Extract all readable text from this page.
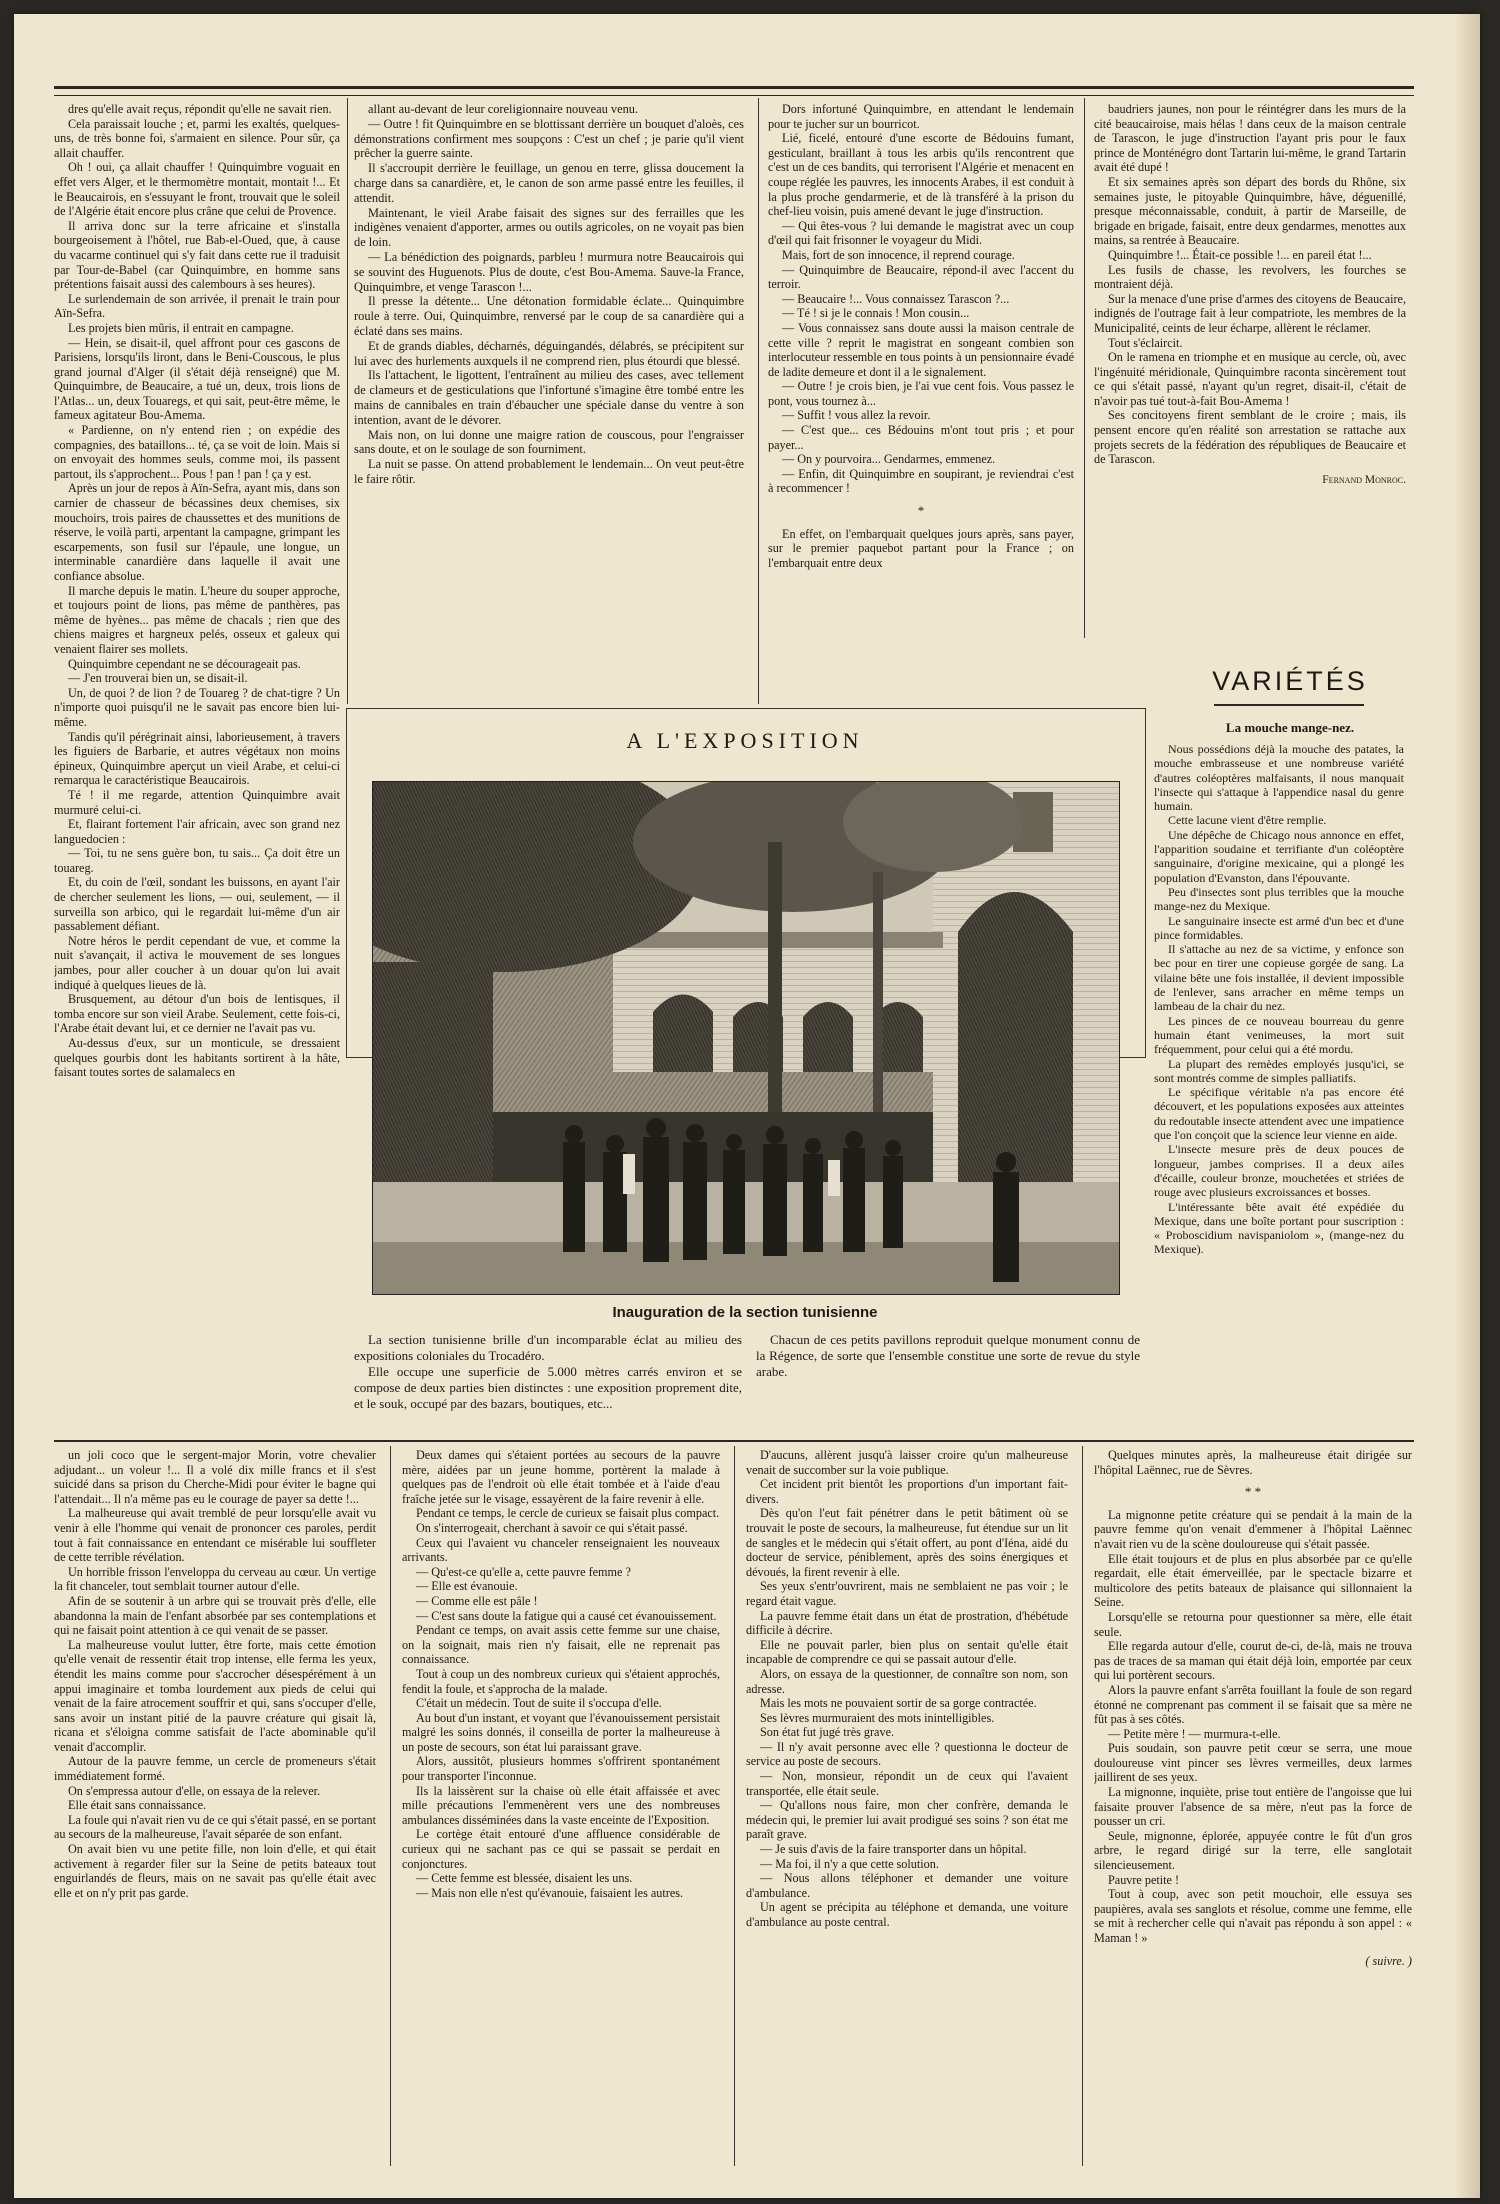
dres qu'elle avait reçus, répondit qu'elle ne savait rien.

Cela paraissait louche ; et, parmi les exaltés, quelques-uns, de très bonne foi, s'armaient en silence. Pour sûr, ça allait chauffer.

Oh ! oui, ça allait chauffer ! Quinquimbre voguait en effet vers Alger, et le thermomètre montait, montait !... Et le Beaucairois, en s'essuyant le front, trouvait que le soleil de l'Algérie était encore plus crâne que celui de Provence.

Il arriva donc sur la terre africaine et s'installa bourgeoisement à l'hôtel, rue Bab-el-Oued, que, à cause du vacarme continuel qui s'y fait dans cette rue il traduisit par Tour-de-Babel (car Quinquimbre, en homme sans prétentions faisait aussi des calembours à ses heures).

Le surlendemain de son arrivée, il prenait le train pour Aïn-Sefra.

Les projets bien mûris, il entrait en campagne.

— Hein, se disait-il, quel affront pour ces gascons de Parisiens, lorsqu'ils liront, dans le Beni-Couscous, le plus grand journal d'Alger (il s'était déjà renseigné) que M. Quinquimbre, de Beaucaire, a tué un, deux, trois lions de l'Atlas... un, deux Touaregs, et qui sait, peut-être même, le fameux agitateur Bou-Amema.

« Pardienne, on n'y entend rien ; on expédie des compagnies, des bataillons... té, ça se voit de loin. Mais si on envoyait des hommes seuls, comme moi, ils passent partout, ils s'approchent... Pous ! pan ! pan ! ça y est.

Après un jour de repos à Aïn-Sefra, ayant mis, dans son carnier de chasseur de bécassines deux chemises, six mouchoirs, trois paires de chaussettes et des munitions de réserve, le voilà parti, arpentant la campagne, grimpant les escarpements, son fusil sur l'épaule, une longue, un interminable canardière dans laquelle il avait une confiance absolue.

Il marche depuis le matin. L'heure du souper approche, et toujours point de lions, pas même de panthères, pas même de hyènes... pas même de chacals ; rien que des chiens maigres et hargneux pelés, osseux et galeux qui venaient flairer ses mollets.

Quinquimbre cependant ne se décourageait pas.

— J'en trouverai bien un, se disait-il.

Un, de quoi ? de lion ? de Touareg ? de chat-tigre ? Un n'importe quoi puisqu'il ne le savait pas encore bien lui-même.

Tandis qu'il pérégrinait ainsi, laborieusement, à travers les figuiers de Barbarie, et autres végétaux non moins épineux, Quinquimbre aperçut un vieil Arabe, et celui-ci remarqua le caractéristique Beaucairois.

Té ! il me regarde, attention Quinquimbre avait murmuré celui-ci.

Et, flairant fortement l'air africain, avec son grand nez languedocien :

— Toi, tu ne sens guère bon, tu sais... Ça doit être un touareg.

Et, du coin de l'œil, sondant les buissons, en ayant l'air de chercher seulement les lions, — oui, seulement, — il surveilla son arbico, qui le regardait lui-même d'un air passablement défiant.

Notre héros le perdit cependant de vue, et comme la nuit s'avançait, il activa le mouvement de ses longues jambes, pour aller coucher à un douar qu'on lui avait indiqué à quelques lieues de là.

Brusquement, au détour d'un bois de lentisques, il tomba encore sur son vieil Arabe. Seulement, cette fois-ci, l'Arabe était devant lui, et ce dernier ne l'avait pas vu.

Au-dessus d'eux, sur un monticule, se dressaient quelques gourbis dont les habitants sortirent à la hâte, faisant toutes sortes de salamalecs en

allant au-devant de leur coreligionnaire nouveau venu.

— Outre ! fit Quinquimbre en se blottissant derrière un bouquet d'aloès, ces démonstrations confirment mes soupçons : C'est un chef ; je parie qu'il vient prêcher la guerre sainte.

Il s'accroupit derrière le feuillage, un genou en terre, glissa doucement la charge dans sa canardière, et, le canon de son arme passé entre les feuilles, il attendit.

Maintenant, le vieil Arabe faisait des signes sur des ferrailles que les indigènes venaient d'apporter, armes ou outils agricoles, on ne voyait pas bien de loin.

— La bénédiction des poignards, parbleu ! murmura notre Beaucairois qui se souvint des Huguenots. Plus de doute, c'est Bou-Amema. Sauve-la France, Quinquimbre, et venge Tarascon !...

Il presse la détente... Une détonation formidable éclate... Quinquimbre roule à terre. Oui, Quinquimbre, renversé par le coup de sa canardière qui a éclaté dans ses mains.

Et de grands diables, décharnés, déguingandés, délabrés, se précipitent sur lui avec des hurlements auxquels il ne comprend rien, plus étourdi que blessé.

Ils l'attachent, le ligottent, l'entraînent au milieu des cases, avec tellement de clameurs et de gesticulations que l'infortuné s'imagine être tombé entre les mains de cannibales en train d'ébaucher une spéciale danse du ventre à son intention, avant de le dévorer.

Mais non, on lui donne une maigre ration de couscous, pour l'engraisser sans doute, et on le soulage de son fourniment.

La nuit se passe. On attend probablement le lendemain... On veut peut-être le faire rôtir.

Dors infortuné Quinquimbre, en attendant le lendemain pour te jucher sur un bourricot.

Lié, ficelé, entouré d'une escorte de Bédouins fumant, gesticulant, braillant à tous les arbis qu'ils rencontrent que c'est un de ces bandits, qui terrorisent l'Algérie et menacent en coupe réglée les pauvres, les innocents Arabes, il est conduit à la plus proche gendarmerie, et de là transféré à la prison du chef-lieu voisin, puis amené devant le juge d'instruction.

— Qui êtes-vous ? lui demande le magistrat avec un coup d'œil qui fait frisonner le voyageur du Midi.

Mais, fort de son innocence, il reprend courage.

— Quinquimbre de Beaucaire, répond-il avec l'accent du terroir.

— Beaucaire !... Vous connaissez Tarascon ?...

— Té ! si je le connais ! Mon cousin...

— Vous connaissez sans doute aussi la maison centrale de cette ville ? reprit le magistrat en songeant combien son interlocuteur ressemble en tous points à un pensionnaire évadé de ladite demeure et dont il a le signalement.

— Outre ! je crois bien, je l'ai vue cent fois. Vous passez le pont, vous tournez à...

— Suffit ! vous allez la revoir.

— C'est que... ces Bédouins m'ont tout pris ; et pour payer...

— On y pourvoira... Gendarmes, emmenez.

— Enfin, dit Quinquimbre en soupirant, je reviendrai c'est à recommencer !

*

En effet, on l'embarquait quelques jours après, sans payer, sur le premier paquebot partant pour la France ; on l'embarquait entre deux

baudriers jaunes, non pour le réintégrer dans les murs de la cité beaucairoise, mais hélas ! dans ceux de la maison centrale de Tarascon, le juge d'instruction l'ayant pris pour le faux prince de Monténégro dont Tartarin lui-même, le grand Tartarin avait été dupé !

Et six semaines après son départ des bords du Rhône, six semaines juste, le pitoyable Quinquimbre, hâve, déguenillé, presque méconnaissable, conduit, à partir de Marseille, de brigade en brigade, faisait, entre deux gendarmes, menottes aux mains, sa rentrée à Beaucaire.

Quinquimbre !... Était-ce possible !... en pareil état !...

Les fusils de chasse, les revolvers, les fourches se montraient déjà.

Sur la menace d'une prise d'armes des citoyens de Beaucaire, indignés de l'outrage fait à leur compatriote, les membres de la Municipalité, ceints de leur écharpe, allèrent le réclamer.

Tout s'éclaircit.

On le ramena en triomphe et en musique au cercle, où, avec l'ingénuité méridionale, Quinquimbre raconta sincèrement tout ce qui s'était passé, n'ayant qu'un regret, disait-il, c'était de n'avoir pas tué tout-à-fait Bou-Amema !

Ses concitoyens firent semblant de le croire ; mais, ils pensent encore qu'en réalité son arrestation se rattache aux projets secrets de la fédération des républiques de Beaucaire et de Tarascon.

Fernand Monroc.

VARIÉTÉS
La mouche mange-nez.

Nous possédions déjà la mouche des patates, la mouche embrasseuse et une nombreuse variété d'autres coléoptères malfaisants, il nous manquait l'insecte qui s'attaque à l'appendice nasal du genre humain.

Cette lacune vient d'être remplie.

Une dépêche de Chicago nous annonce en effet, l'apparition soudaine et terrifiante d'un coléoptère sanguinaire, d'origine mexicaine, qui a plongé les population d'Evanston, dans l'épouvante.

Peu d'insectes sont plus terribles que la mouche mange-nez du Mexique.

Le sanguinaire insecte est armé d'un bec et d'une pince formidables.

Il s'attache au nez de sa victime, y enfonce son bec pour en tirer une copieuse gorgée de sang. La vilaine bête une fois installée, il devient impossible de l'enlever, sans arracher en même temps un lambeau de la chair du nez.

Les pinces de ce nouveau bourreau du genre humain étant venimeuses, la mort suit fréquemment, pour celui qui a été mordu.

La plupart des remèdes employés jusqu'ici, se sont montrés comme de simples palliatifs.

Le spécifique véritable n'a pas encore été découvert, et les populations exposées aux atteintes du redoutable insecte attendent avec une impatience que l'on conçoit que la science leur vienne en aide.

L'insecte mesure près de deux pouces de longueur, jambes comprises. Il a deux ailes d'écaille, couleur bronze, mouchetées et striées de rouge avec plusieurs excroissances et bosses.

L'intéressante bête avait été expédiée du Mexique, dans une boîte portant pour suscription : « Proboscidium navispaniolom », (mange-nez du Mexique).

A L'EXPOSITION
Inauguration de la section tunisienne

La section tunisienne brille d'un incomparable éclat au milieu des expositions coloniales du Trocadéro.

Elle occupe une superficie de 5.000 mètres carrés environ et se compose de deux parties bien distinctes : une exposition proprement dite, et le souk, occupé par des bazars, boutiques, etc...

Chacun de ces petits pavillons reproduit quelque monument connu de la Régence, de sorte que l'ensemble constitue une sorte de revue du style arabe.

un joli coco que le sergent-major Morin, votre chevalier adjudant... un voleur !... Il a volé dix mille francs et il s'est suicidé dans sa prison du Cherche-Midi pour éviter le bagne qui l'attendait... Il n'a même pas eu le courage de payer sa dette !...

La malheureuse qui avait tremblé de peur lorsqu'elle avait vu venir à elle l'homme qui venait de prononcer ces paroles, perdit tout à fait connaissance en entendant ce misérable lui souffleter de cette terrible révélation.

Un horrible frisson l'enveloppa du cerveau au cœur. Un vertige la fit chanceler, tout semblait tourner autour d'elle.

Afin de se soutenir à un arbre qui se trouvait près d'elle, elle abandonna la main de l'enfant absorbée par ses contemplations et qui ne faisait point attention à ce qui venait de se passer.

La malheureuse voulut lutter, être forte, mais cette émotion qu'elle venait de ressentir était trop intense, elle ferma les yeux, étendit les mains comme pour s'accrocher désespérément à un appui imaginaire et tomba lourdement aux pieds de celui qui venait de la faire atrocement souffrir et qui, sans s'occuper d'elle, sans avoir un instant pitié de la pauvre créature qui gisait là, ricana et s'éloigna comme satisfait de l'acte abominable qu'il venait d'accomplir.

Autour de la pauvre femme, un cercle de promeneurs s'était immédiatement formé.

On s'empressa autour d'elle, on essaya de la relever.

Elle était sans connaissance.

La foule qui n'avait rien vu de ce qui s'était passé, en se portant au secours de la malheureuse, l'avait séparée de son enfant.

On avait bien vu une petite fille, non loin d'elle, et qui était activement à regarder filer sur la Seine de petits bateaux tout enguirlandés de fleurs, mais on ne savait pas qu'elle était avec elle et on n'y prit pas garde.

Deux dames qui s'étaient portées au secours de la pauvre mère, aidées par un jeune homme, portèrent la malade à quelques pas de l'endroit où elle était tombée et à l'aide d'eau fraîche jetée sur le visage, essayèrent de la faire revenir à elle.

Pendant ce temps, le cercle de curieux se faisait plus compact.

On s'interrogeait, cherchant à savoir ce qui s'était passé.

Ceux qui l'avaient vu chanceler renseignaient les nouveaux arrivants.

— Qu'est-ce qu'elle a, cette pauvre femme ?

— Elle est évanouie.

— Comme elle est pâle !

— C'est sans doute la fatigue qui a causé cet évanouissement.

Pendant ce temps, on avait assis cette femme sur une chaise, on la soignait, mais rien n'y faisait, elle ne reprenait pas connaissance.

Tout à coup un des nombreux curieux qui s'étaient approchés, fendit la foule, et s'approcha de la malade.

C'était un médecin. Tout de suite il s'occupa d'elle.

Au bout d'un instant, et voyant que l'évanouissement persistait malgré les soins donnés, il conseilla de porter la malheureuse à un poste de secours, son état lui paraissant grave.

Alors, aussitôt, plusieurs hommes s'offrirent spontanément pour transporter l'inconnue.

Ils la laissèrent sur la chaise où elle était affaissée et avec mille précautions l'emmenèrent vers une des nombreuses ambulances disséminées dans la vaste enceinte de l'Exposition.

Le cortège était entouré d'une affluence considérable de curieux qui ne sachant pas ce qui se passait se perdait en conjonctures.

— Cette femme est blessée, disaient les uns.

— Mais non elle n'est qu'évanouie, faisaient les autres.

D'aucuns, allèrent jusqu'à laisser croire qu'un malheureuse venait de succomber sur la voie publique.

Cet incident prit bientôt les proportions d'un important fait-divers.

Dès qu'on l'eut fait pénétrer dans le petit bâtiment où se trouvait le poste de secours, la malheureuse, fut étendue sur un lit de sangles et le médecin qui s'était offert, au pont d'Iéna, aidé du docteur de service, péniblement, après des soins énergiques et dévoués, la firent revenir à elle.

Ses yeux s'entr'ouvrirent, mais ne semblaient ne pas voir ; le regard était vague.

La pauvre femme était dans un état de prostration, d'hébétude difficile à décrire.

Elle ne pouvait parler, bien plus on sentait qu'elle était incapable de comprendre ce qui se passait autour d'elle.

Alors, on essaya de la questionner, de connaître son nom, son adresse.

Mais les mots ne pouvaient sortir de sa gorge contractée.

Ses lèvres murmuraient des mots inintelligibles.

Son état fut jugé très grave.

— Il n'y avait personne avec elle ? questionna le docteur de service au poste de secours.

— Non, monsieur, répondit un de ceux qui l'avaient transportée, elle était seule.

— Qu'allons nous faire, mon cher confrère, demanda le médecin qui, le premier lui avait prodigué ses soins ? son état me paraît grave.

— Je suis d'avis de la faire transporter dans un hôpital.

— Ma foi, il n'y a que cette solution.

— Nous allons téléphoner et demander une voiture d'ambulance.

Un agent se précipita au téléphone et demanda, une voiture d'ambulance au poste central.

Quelques minutes après, la malheureuse était dirigée sur l'hôpital Laënnec, rue de Sèvres.

* *

La mignonne petite créature qui se pendait à la main de la pauvre femme qu'on venait d'emmener à l'hôpital Laënnec n'avait rien vu de la scène douloureuse qui s'était passée.

Elle était toujours et de plus en plus absorbée par ce qu'elle regardait, elle était émerveillée, par le spectacle bizarre et multicolore des petits bateaux de plaisance qui sillonnaient la Seine.

Lorsqu'elle se retourna pour questionner sa mère, elle était seule.

Elle regarda autour d'elle, courut de-ci, de-là, mais ne trouva pas de traces de sa maman qui était déjà loin, emportée par ceux qui lui portèrent secours.

Alors la pauvre enfant s'arrêta fouillant la foule de son regard étonné ne comprenant pas comment il se faisait que sa mère ne fût pas à ses côtés.

— Petite mère ! — murmura-t-elle.

Puis soudain, son pauvre petit cœur se serra, une moue douloureuse vint pincer ses lèvres vermeilles, deux larmes jaillirent de ses yeux.

La mignonne, inquiète, prise tout entière de l'angoisse que lui faisaite prouver l'absence de sa mère, n'eut pas la force de pousser un cri.

Seule, mignonne, éplorée, appuyée contre le fût d'un gros arbre, le regard dirigé sur la terre, elle sanglotait silencieusement.

Pauvre petite !

Tout à coup, avec son petit mouchoir, elle essuya ses paupières, avala ses sanglots et résolue, comme une femme, elle se mit à rechercher celle qui n'avait pas répondu à son appel : « Maman ! »

( suivre. )
